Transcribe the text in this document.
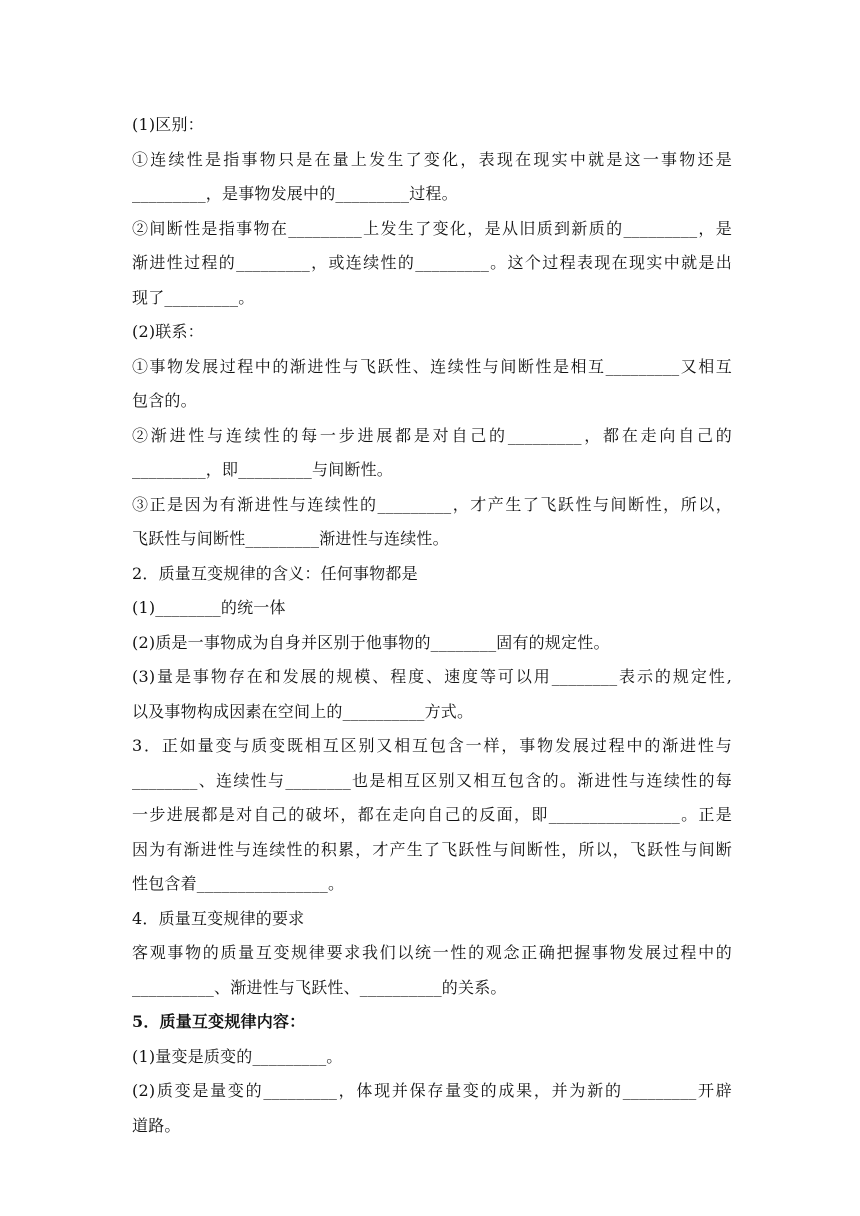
(1)区别：
①连续性是指事物只是在量上发生了变化，表现在现实中就是这一事物还是
_________，是事物发展中的_________过程。
②间断性是指事物在_________上发生了变化，是从旧质到新质的_________，是
渐进性过程的_________，或连续性的_________。这个过程表现在现实中就是出
现了_________。
(2)联系：
①事物发展过程中的渐进性与飞跃性、连续性与间断性是相互_________又相互
包含的。
②渐进性与连续性的每一步进展都是对自己的_________，都在走向自己的
_________，即_________与间断性。
③正是因为有渐进性与连续性的_________，才产生了飞跃性与间断性，所以，
飞跃性与间断性_________渐进性与连续性。
2．质量互变规律的含义：任何事物都是
(1)________的统一体
(2)质是一事物成为自身并区别于他事物的________固有的规定性。
(3)量是事物存在和发展的规模、程度、速度等可以用________表示的规定性,
以及事物构成因素在空间上的__________方式。
3．正如量变与质变既相互区别又相互包含一样，事物发展过程中的渐进性与
________、连续性与________也是相互区别又相互包含的。渐进性与连续性的每
一步进展都是对自己的破坏，都在走向自己的反面，即________________。正是
因为有渐进性与连续性的积累，才产生了飞跃性与间断性，所以，飞跃性与间断
性包含着________________。
4．质量互变规律的要求
客观事物的质量互变规律要求我们以统一性的观念正确把握事物发展过程中的
__________、渐进性与飞跃性、__________的关系。
5．质量互变规律内容：
(1)量变是质变的_________。
(2)质变是量变的_________，体现并保存量变的成果，并为新的_________开辟
道路。
